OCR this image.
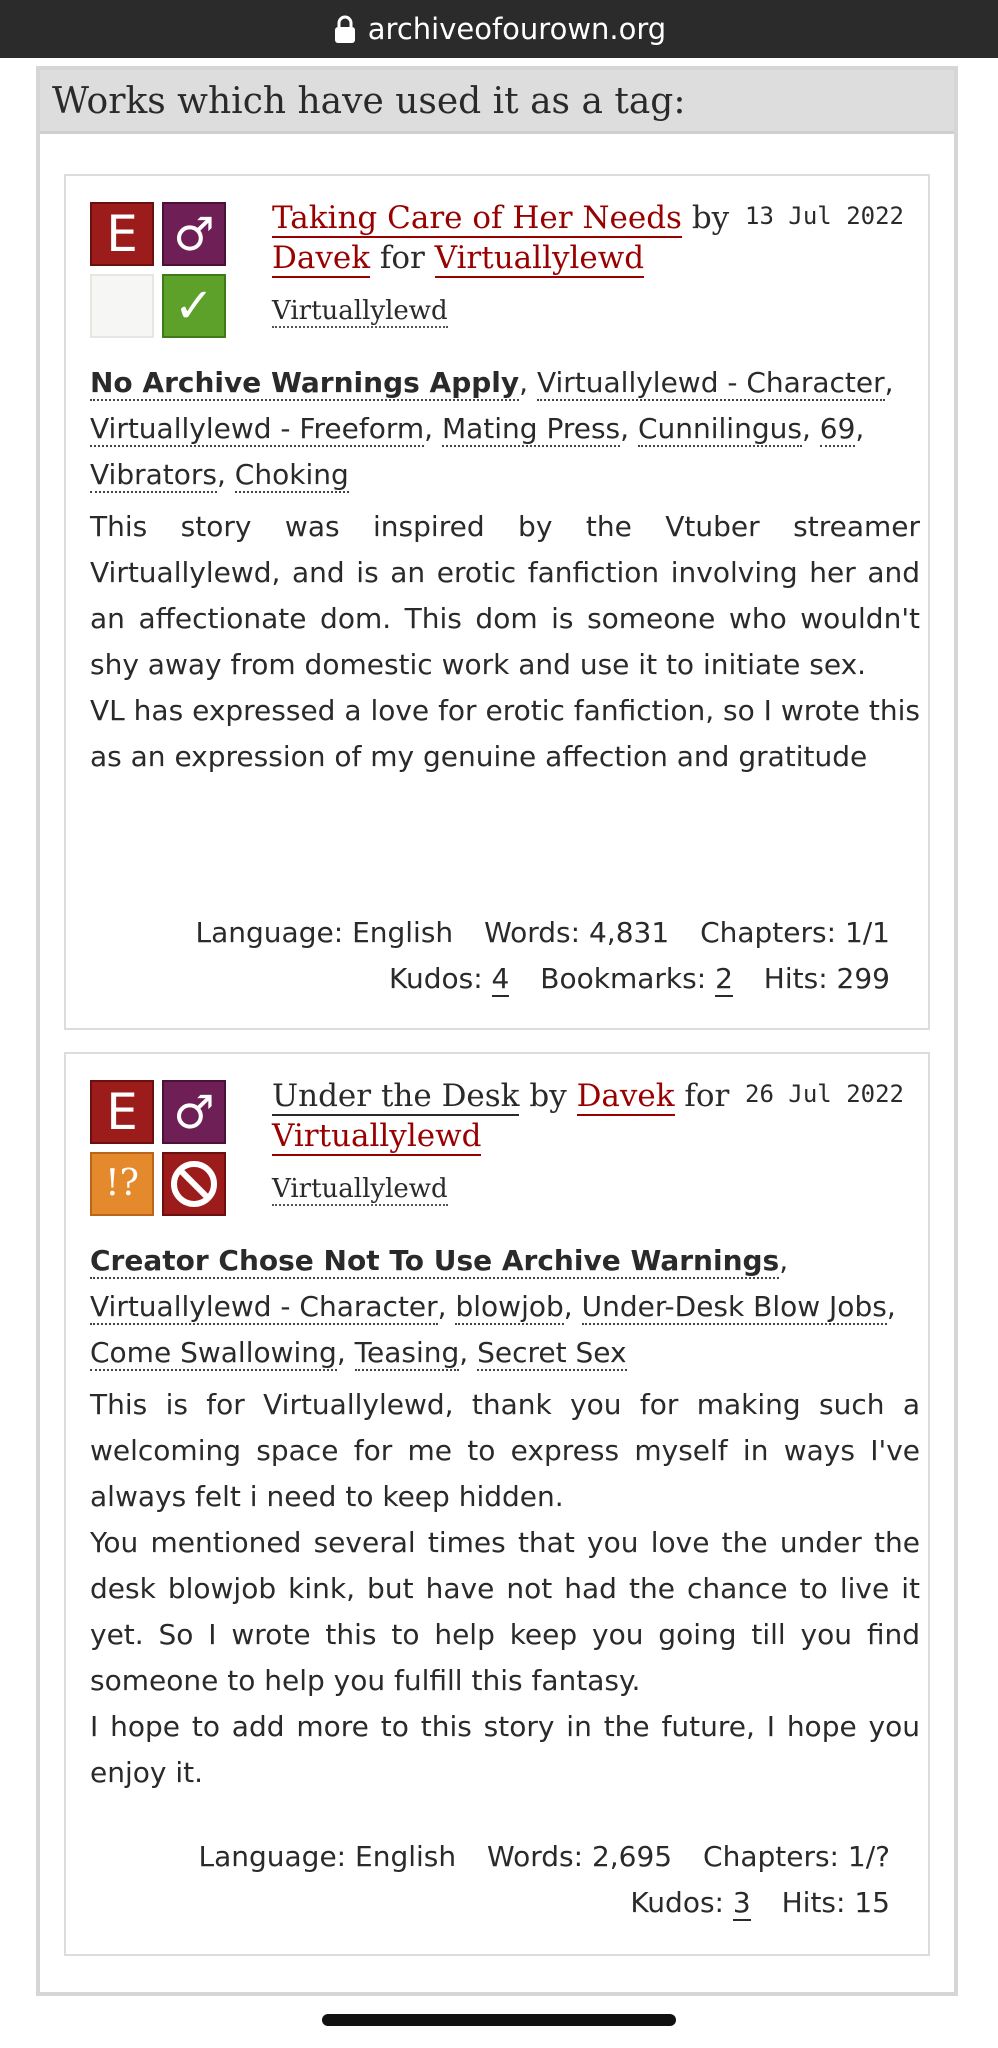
archiveofourown.org
Works which have used it as a tag:
E ♂
✓
Taking Care of Her Needs by Davek for Virtuallylewd
13 Jul 2022
Virtuallylewd
No Archive Warnings Apply, Virtuallylewd - Character, Virtuallylewd - Freeform, Mating Press, Cunnilingus, 69, Vibrators, Choking

This story was inspired by the Vtuber streamer Virtuallylewd, and is an erotic fanfiction involving her and an affectionate dom. This dom is someone who wouldn't shy away from domestic work and use it to initiate sex.

VL has expressed a love for erotic fanfiction, so I wrote this as an expression of my genuine affection and gratitude

Language: English Words: 4,831 Chapters: 1/1
Kudos: 4 Bookmarks: 2 Hits: 299
E ♂
!?
Under the Desk by Davek for Virtuallylewd
26 Jul 2022
Virtuallylewd
Creator Chose Not To Use Archive Warnings, Virtuallylewd - Character, blowjob, Under-Desk Blow Jobs, Come Swallowing, Teasing, Secret Sex

This is for Virtuallylewd, thank you for making such a welcoming space for me to express myself in ways I've always felt i need to keep hidden.

You mentioned several times that you love the under the desk blowjob kink, but have not had the chance to live it yet. So I wrote this to help keep you going till you find someone to help you fulfill this fantasy.

I hope to add more to this story in the future, I hope you enjoy it.

Language: English Words: 2,695 Chapters: 1/?
Kudos: 3 Hits: 15
